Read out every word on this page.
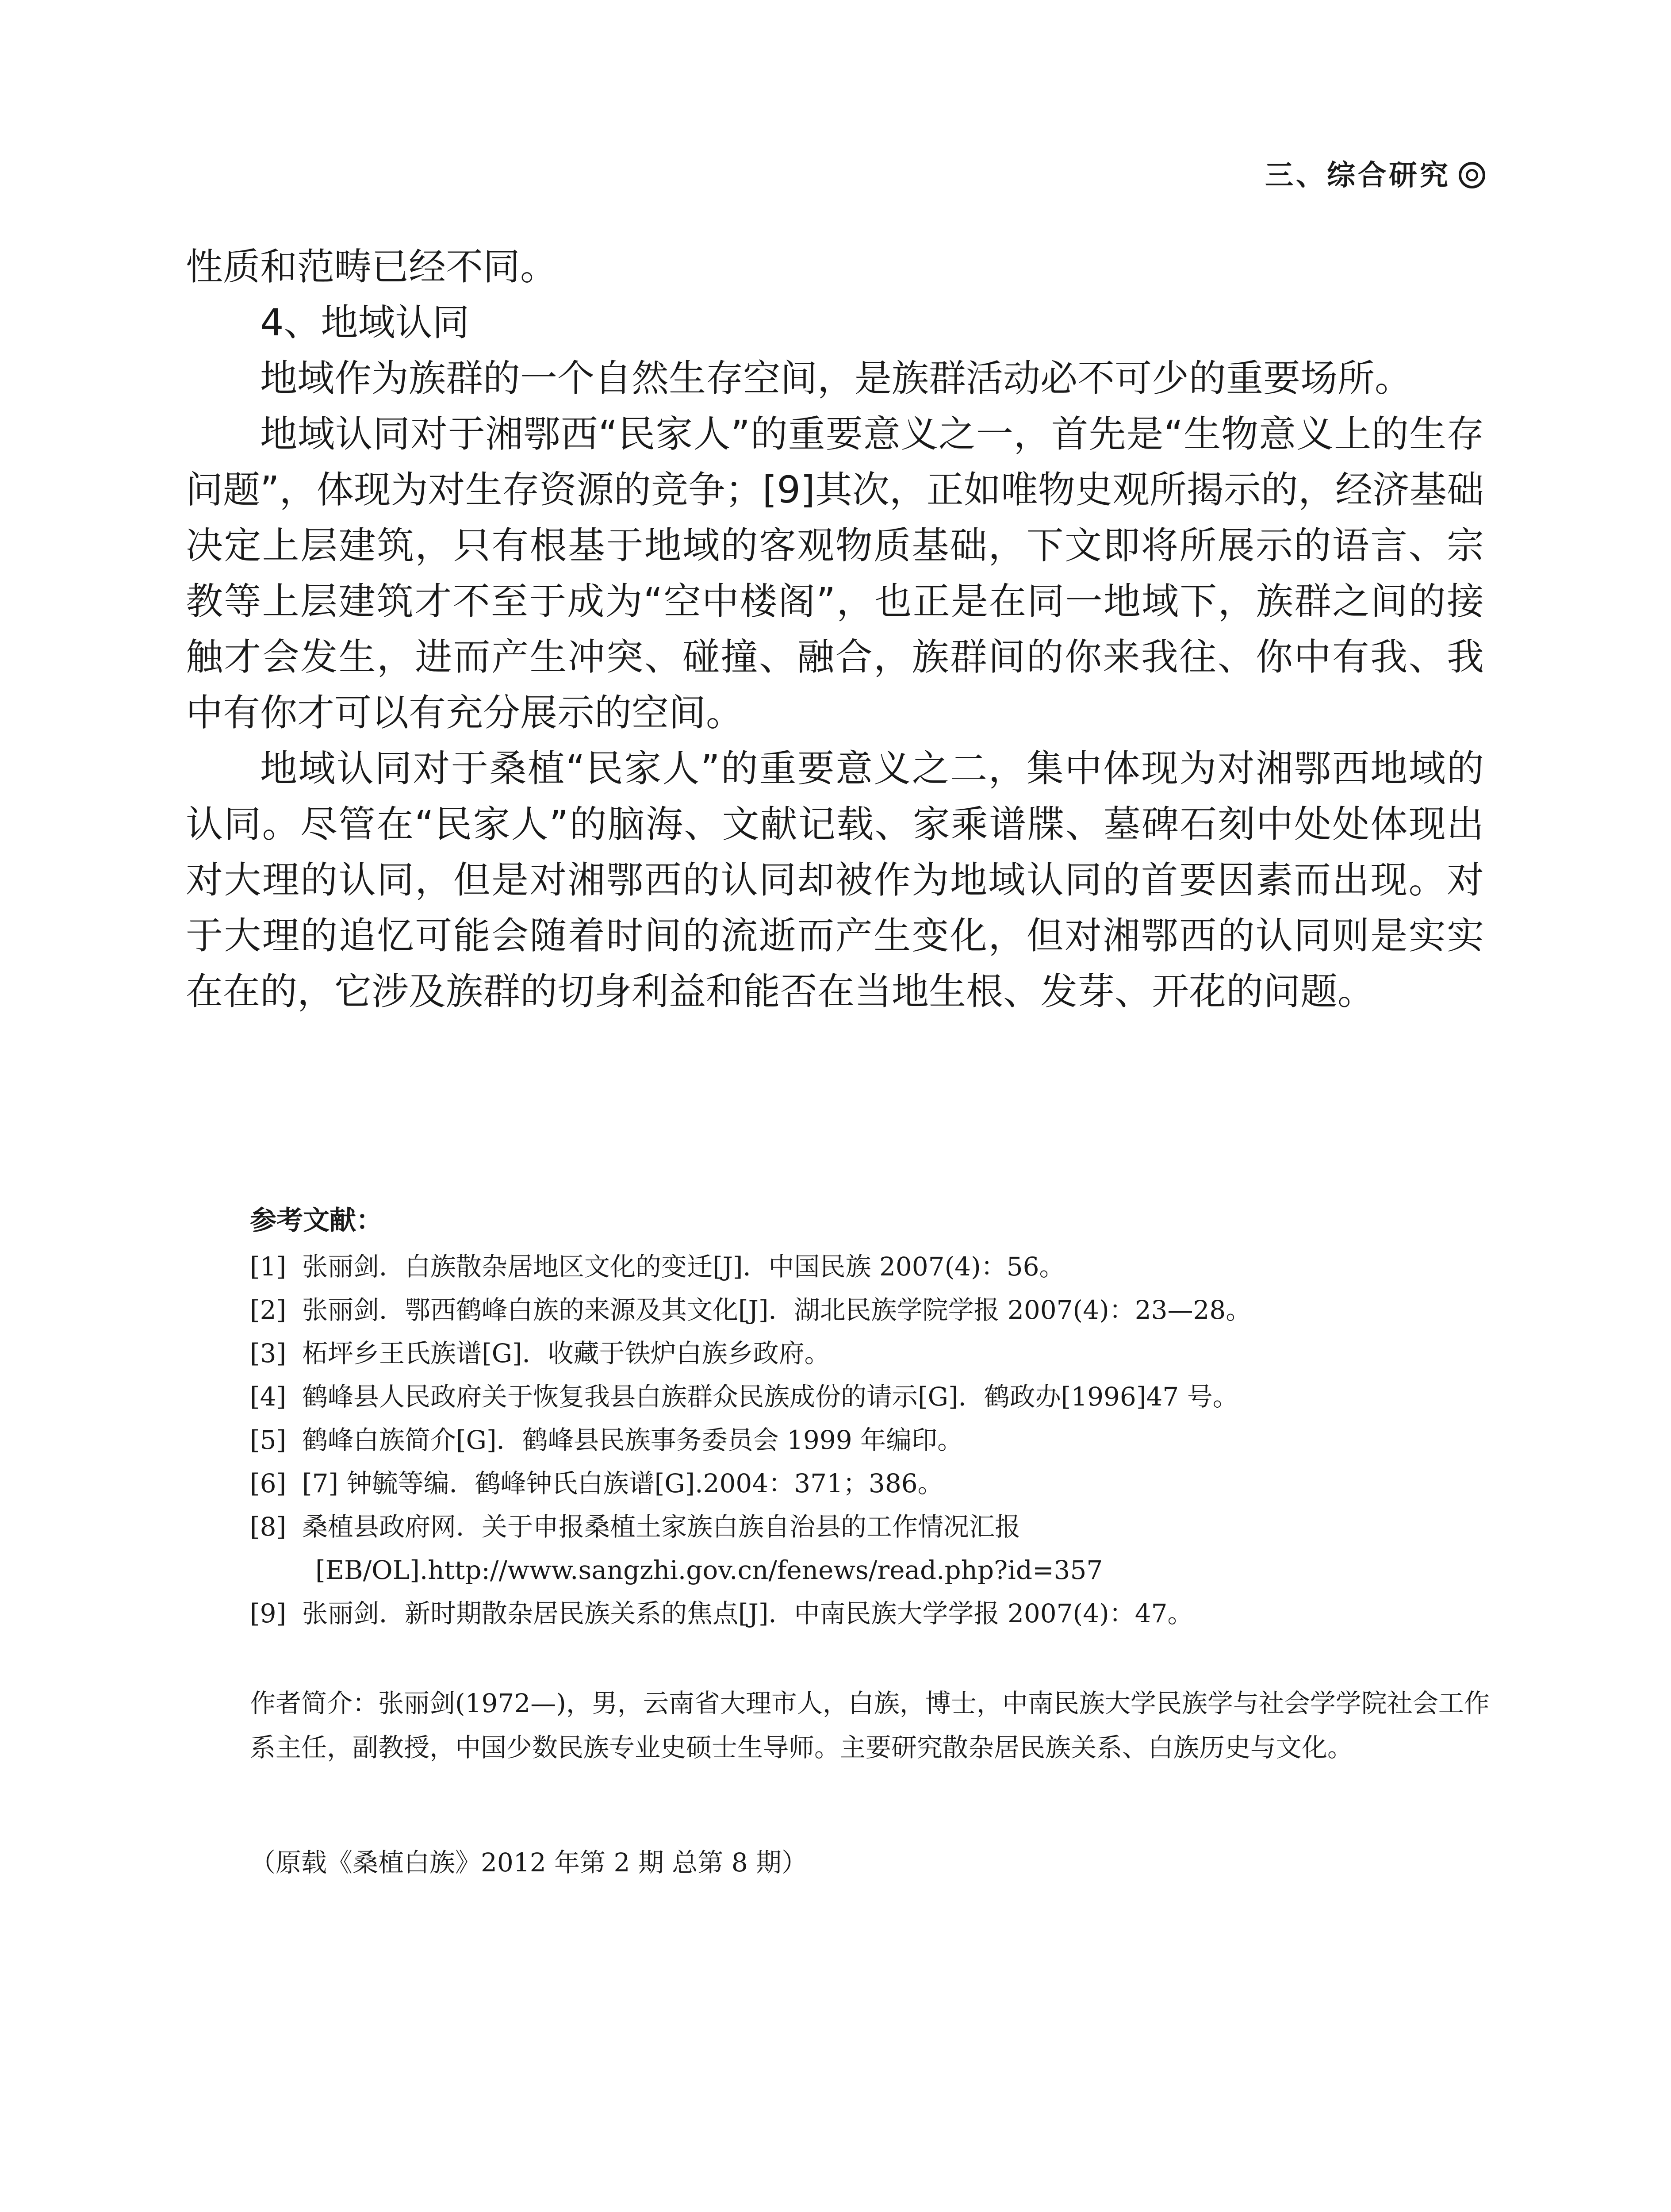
三、综合研究

性质和范畴已经不同。

4、地域认同

地域作为族群的一个自然生存空间，是族群活动必不可少的重要场所。

地域认同对于湘鄂西“民家人”的重要意义之一，首先是“生物意义上的生存问题”，体现为对生存资源的竞争；[9]其次，正如唯物史观所揭示的，经济基础决定上层建筑，只有根基于地域的客观物质基础，下文即将所展示的语言、宗教等上层建筑才不至于成为“空中楼阁”，也正是在同一地域下，族群之间的接触才会发生，进而产生冲突、碰撞、融合，族群间的你来我往、你中有我、我中有你才可以有充分展示的空间。

地域认同对于桑植“民家人”的重要意义之二，集中体现为对湘鄂西地域的认同。尽管在“民家人”的脑海、文献记载、家乘谱牒、墓碑石刻中处处体现出对大理的认同，但是对湘鄂西的认同却被作为地域认同的首要因素而出现。对于大理的追忆可能会随着时间的流逝而产生变化，但对湘鄂西的认同则是实实在在的，它涉及族群的切身利益和能否在当地生根、发芽、开花的问题。

参考文献：
[1] 张丽剑．白族散杂居地区文化的变迁[J]．中国民族 2007(4)：56。
[2] 张丽剑．鄂西鹤峰白族的来源及其文化[J]．湖北民族学院学报 2007(4)：23—28。
[3] 柘坪乡王氏族谱[G]．收藏于铁炉白族乡政府。
[4] 鹤峰县人民政府关于恢复我县白族群众民族成份的请示[G]．鹤政办[1996]47 号。
[5] 鹤峰白族简介[G]．鹤峰县民族事务委员会 1999 年编印。
[6] [7] 钟毓等编．鹤峰钟氏白族谱[G].2004：371；386。
[8] 桑植县政府网．关于申报桑植土家族白族自治县的工作情况汇报
[EB/OL].http://www.sangzhi.gov.cn/fenews/read.php?id=357
[9] 张丽剑．新时期散杂居民族关系的焦点[J]．中南民族大学学报 2007(4)：47。
作者简介：张丽剑(1972—)，男，云南省大理市人，白族，博士，中南民族大学民族学与社会学学院社会工作系主任，副教授，中国少数民族专业史硕士生导师。主要研究散杂居民族关系、白族历史与文化。
（原载《桑植白族》2012 年第 2 期 总第 8 期）
